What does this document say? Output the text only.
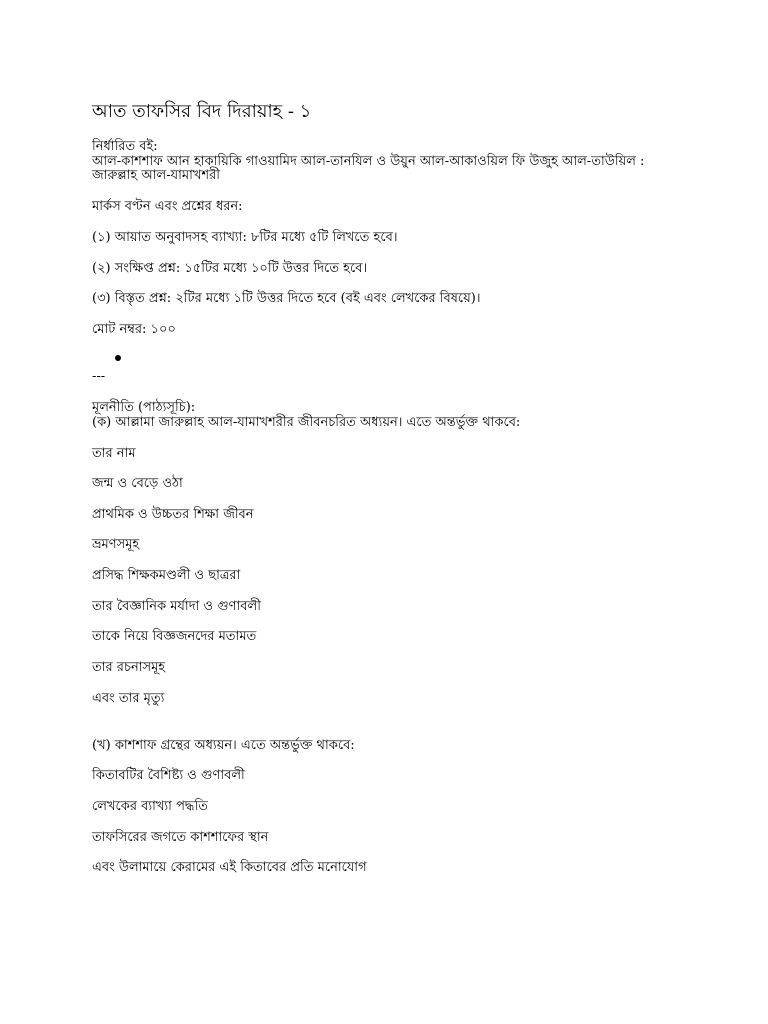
আত তাফসির বিদ দিরায়াহ - ১
নির্ধারিত বই:
আল-কাশশাফ আন হাকায়িকি গাওয়ামিদ আল-তানযিল ও উয়ুন আল-আকাওয়িল ফি উজুহ আল-তাউয়িল :
জারুল্লাহ আল-যামাখশরী
মার্কস বণ্টন এবং প্রশ্নের ধরন:
(১) আয়াত অনুবাদসহ ব্যাখ্যা: ৮টির মধ্যে ৫টি লিখতে হবে।
(২) সংক্ষিপ্ত প্রশ্ন: ১৫টির মধ্যে ১০টি উত্তর দিতে হবে।
(৩) বিস্তৃত প্রশ্ন: ২টির মধ্যে ১টি উত্তর দিতে হবে (বই এবং লেখকের বিষয়ে)।
মোট নম্বর: ১০০
---
মূলনীতি (পাঠ্যসূচি):
(ক) আল্লামা জারুল্লাহ আল-যামাখশরীর জীবনচরিত অধ্যয়ন। এতে অন্তর্ভুক্ত থাকবে:
তার নাম
জন্ম ও বেড়ে ওঠা
প্রাথমিক ও উচ্চতর শিক্ষা জীবন
ভ্রমণসমূহ
প্রসিদ্ধ শিক্ষকমণ্ডলী ও ছাত্ররা
তার বৈজ্ঞানিক মর্যাদা ও গুণাবলী
তাকে নিয়ে বিজ্ঞজনদের মতামত
তার রচনাসমূহ
এবং তার মৃত্যু
(খ) কাশশাফ গ্রন্থের অধ্যয়ন। এতে অন্তর্ভুক্ত থাকবে:
কিতাবটির বৈশিষ্ট্য ও গুণাবলী
লেখকের ব্যাখ্যা পদ্ধতি
তাফসিরের জগতে কাশশাফের স্থান
এবং উলামায়ে কেরামের এই কিতাবের প্রতি মনোযোগ
